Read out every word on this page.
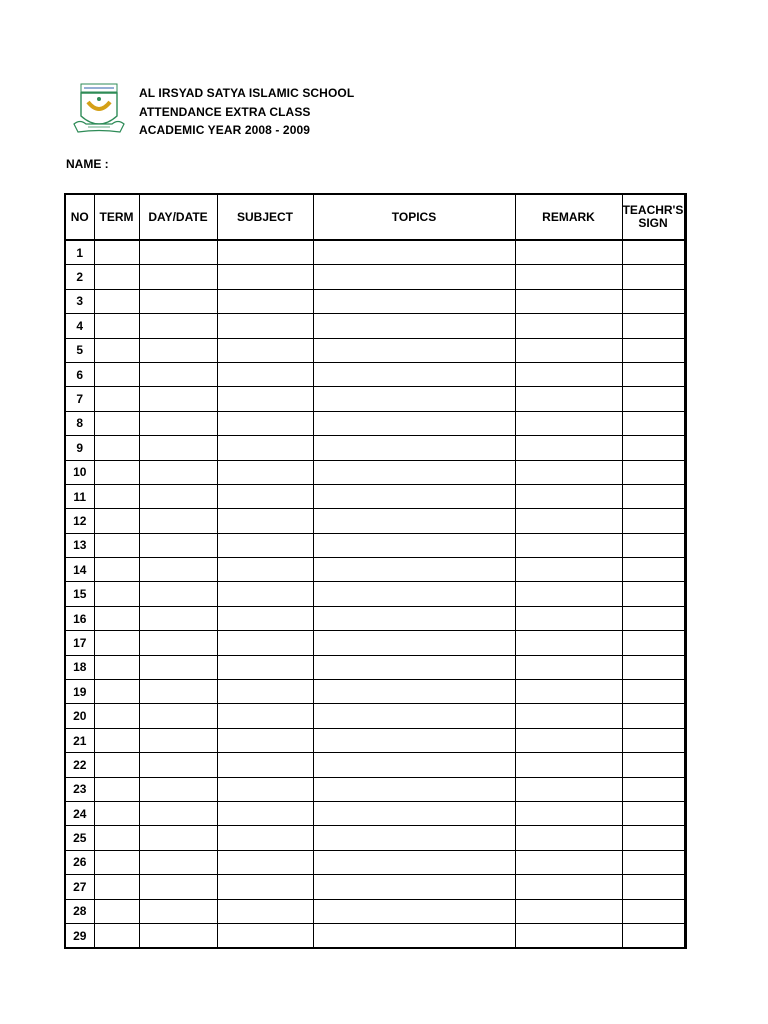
AL IRSYAD SATYA ISLAMIC SCHOOL
ATTENDANCE EXTRA CLASS
ACADEMIC YEAR 2008 - 2009
NAME :
NO	TERM	DAY/DATE	SUBJECT	TOPICS	REMARK	TEACHR'S
SIGN

1						
2						
3						
4						
5						
6						
7						
8						
9						
10						
11						
12						
13						
14						
15						
16						
17						
18						
19						
20						
21						
22						
23						
24						
25						
26						
27						
28						
29						
